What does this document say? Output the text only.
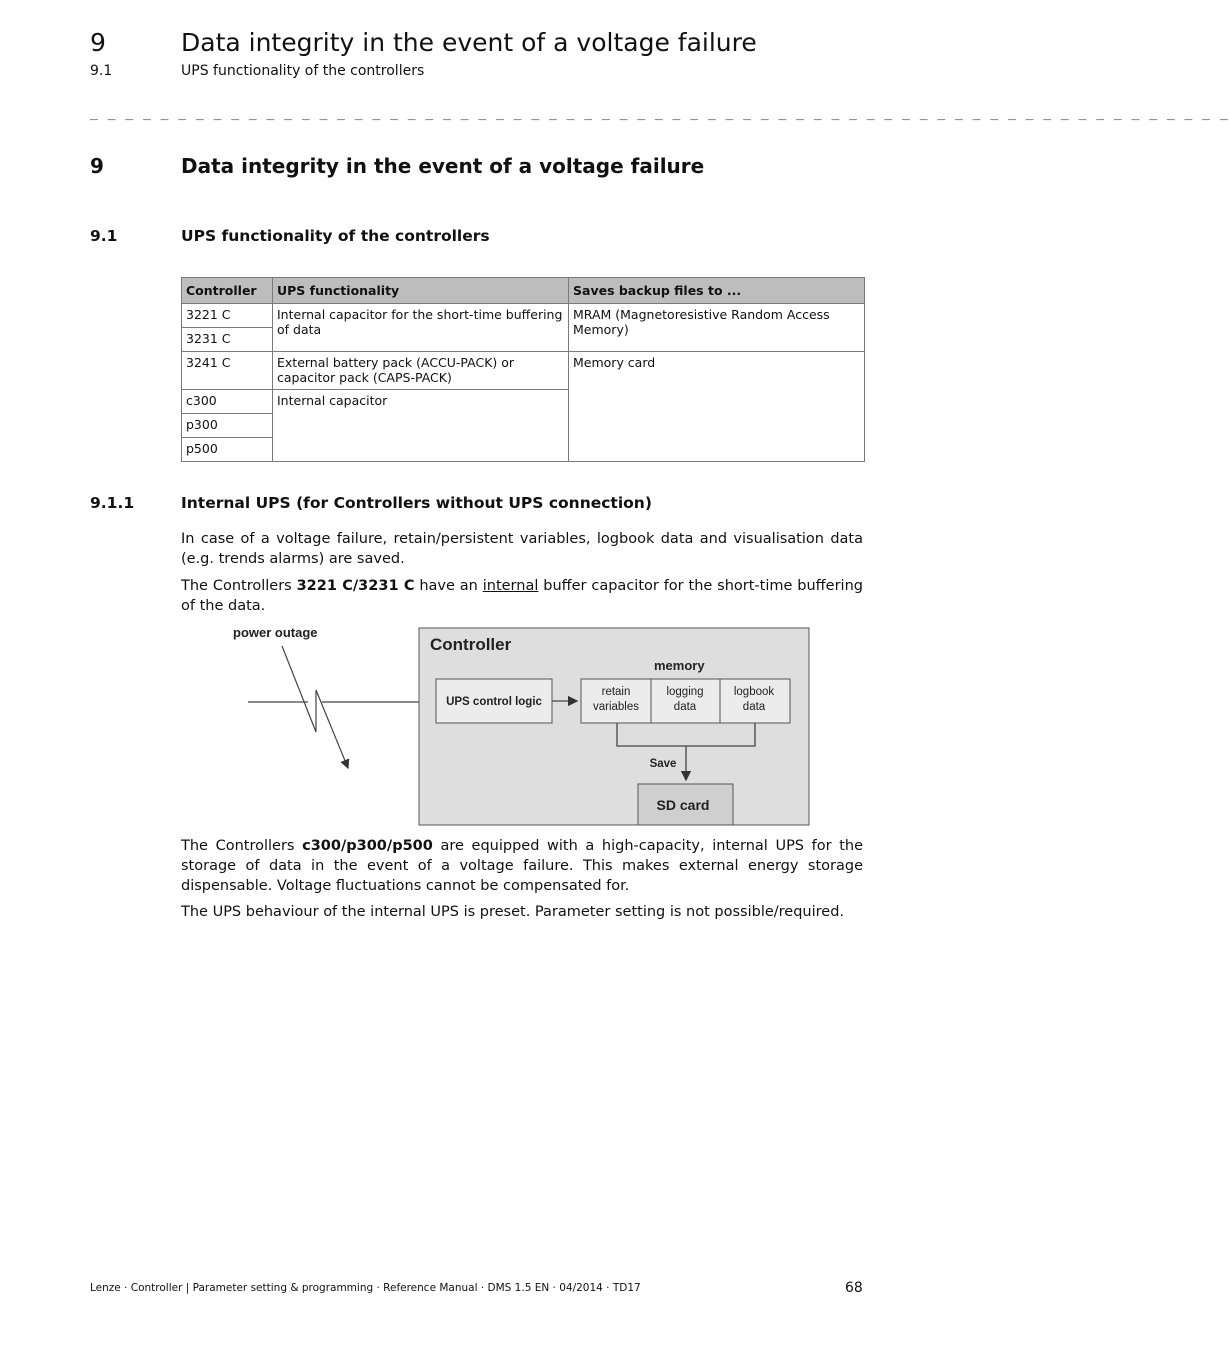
9	Data integrity in the event of a voltage failure
9.1	UPS functionality of the controllers
_ _ _ _ _ _ _ _ _ _ _ _ _ _ _ _ _ _ _ _ _ _ _ _ _ _ _ _ _ _ _ _ _ _ _ _ _ _ _ _ _ _ _ _ _ _ _ _ _ _ _ _ _ _ _ _ _ _ _ _ _ _ _ _ _
9	Data integrity in the event of a voltage failure
9.1	UPS functionality of the controllers
Controller	UPS functionality	Saves backup files to ...
3221 C	Internal capacitor for the short-time buffering of data	MRAM (Magnetoresistive Random Access Memory)
3231 C		
3241 C	External battery pack (ACCU-PACK) or capacitor pack (CAPS-PACK)	Memory card
c300	Internal capacitor	
p300		
p500		
9.1.1	Internal UPS (for Controllers without UPS connection)
In case of a voltage failure, retain/persistent variables, logbook data and visualisation data (e.g. trends alarms) are saved.
The Controllers 3221 C/3231 C have an internal buffer capacitor for the short-time buffering of the data.
power outage
Controller
memory
UPS control logic
retain
variables
logging
data
logbook
data
Save
SD card
The Controllers c300/p300/p500 are equipped with a high-capacity, internal UPS for the storage of data in the event of a voltage failure. This makes external energy storage dispensable. Voltage fluctuations cannot be compensated for.
The UPS behaviour of the internal UPS is preset. Parameter setting is not possible/required.
Lenze · Controller | Parameter setting & programming · Reference Manual · DMS 1.5 EN · 04/2014 · TD17	68
